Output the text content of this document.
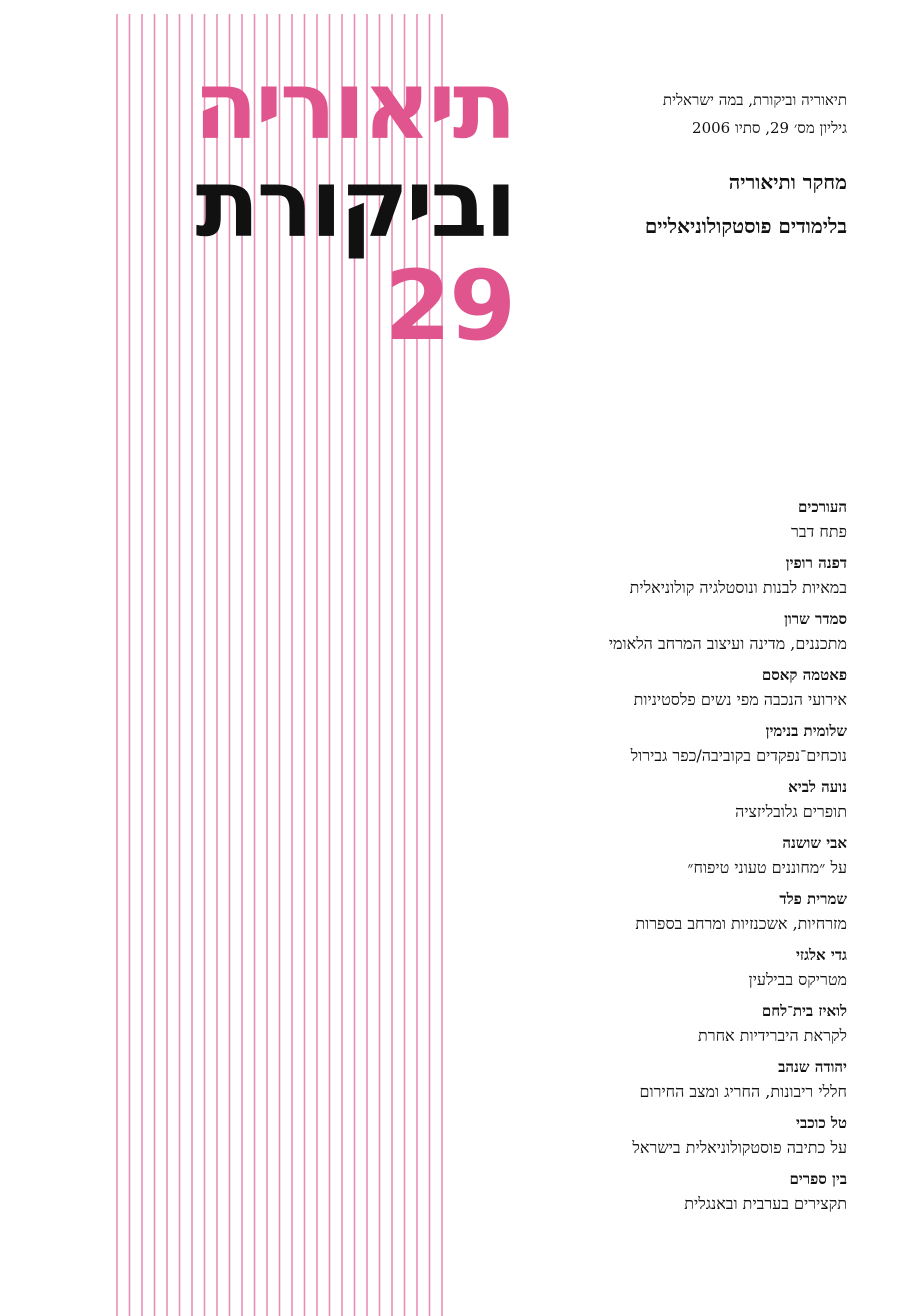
תיאוריה
וביקורת
29
תיאוריה וביקורת, במה ישראלית
גיליון מס׳ 29, סתיו 2006
מחקר ותיאוריה
בלימודים פוסטקולוניאליים
העורכים
פתח דבר
דפנה רופין
במאיות לבנות ונוסטלגיה קולוניאלית
סמדר שרון
מתכננים, מדינה ועיצוב המרחב הלאומי
פאטמה קאסם
אירועי הנכבה מפי נשים פלסטיניות
שלומית בנימין
נוכחים־נפקדים בקוביבה/כפר גבירול
נועה לביא
תופרים גלובליזציה
אבי שושנה
על ״מחוננים טעוני טיפוח״
שמרית פלד
מזרחיות, אשכנזיות ומרחב בספרות
גדי אלגזי
מטריקס בבילעין
לואיז בית־לחם
לקראת היברידיות אחרת
יהודה שנהב
חללי ריבונות, החריג ומצב החירום
טל כוכבי
על כתיבה פוסטקולוניאלית בישראל
בין ספרים
תקצירים בערבית ובאנגלית
